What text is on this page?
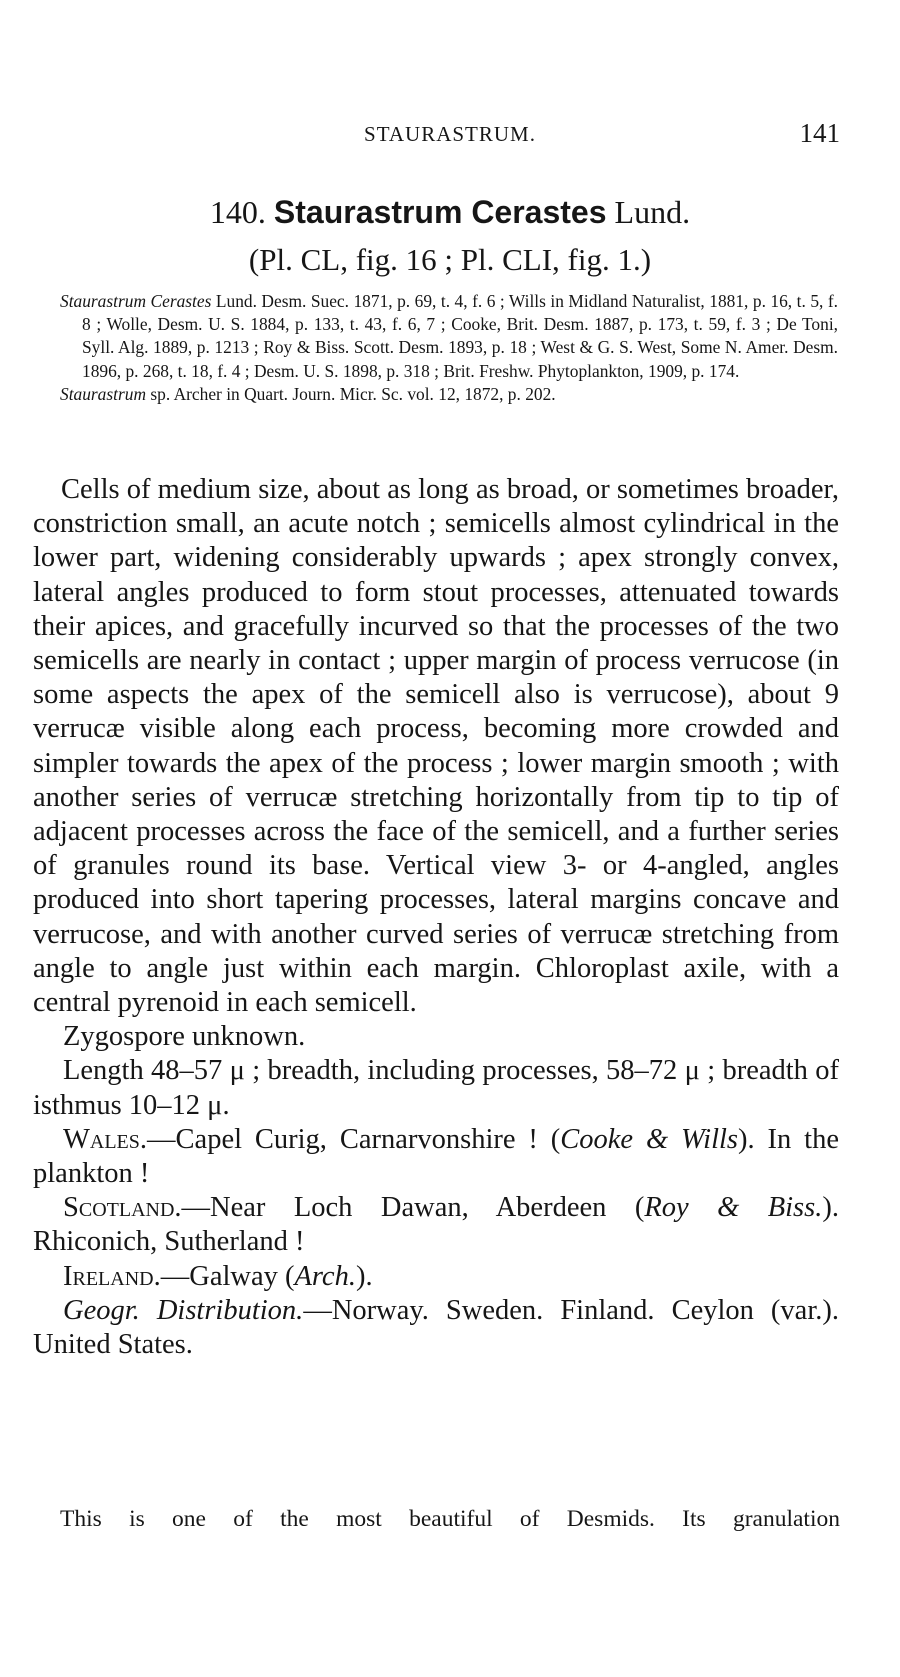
STAURASTRUM.	141
140. Staurastrum Cerastes Lund.
(Pl. CL, fig. 16 ; Pl. CLI, fig. 1.)

Staurastrum Cerastes Lund. Desm. Suec. 1871, p. 69, t. 4, f. 6 ; Wills in Midland Naturalist, 1881, p. 16, t. 5, f. 8 ; Wolle, Desm. U. S. 1884, p. 133, t. 43, f. 6, 7 ; Cooke, Brit. Desm. 1887, p. 173, t. 59, f. 3 ; De Toni, Syll. Alg. 1889, p. 1213 ; Roy & Biss. Scott. Desm. 1893, p. 18 ; West & G. S. West, Some N. Amer. Desm. 1896, p. 268, t. 18, f. 4 ; Desm. U. S. 1898, p. 318 ; Brit. Freshw. Phytoplankton, 1909, p. 174.

Staurastrum sp. Archer in Quart. Journ. Micr. Sc. vol. 12, 1872, p. 202.

Cells of medium size, about as long as broad, or sometimes broader, constriction small, an acute notch ; semicells almost cylindrical in the lower part, widening considerably upwards ; apex strongly convex, lateral angles produced to form stout processes, attenuated towards their apices, and gracefully incurved so that the processes of the two semicells are nearly in contact ; upper margin of process verrucose (in some aspects the apex of the semicell also is verrucose), about 9 verrucæ visible along each process, becoming more crowded and simpler towards the apex of the process ; lower margin smooth ; with another series of verrucæ stretching horizontally from tip to tip of adjacent processes across the face of the semicell, and a further series of granules round its base. Vertical view 3- or 4-angled, angles produced into short tapering processes, lateral margins concave and verrucose, and with another curved series of verrucæ stretching from angle to angle just within each margin. Chloroplast axile, with a central pyrenoid in each semicell.

Zygospore unknown.

Length 48–57 μ ; breadth, including processes, 58–72 μ ; breadth of isthmus 10–12 μ.

Wales.—Capel Curig, Carnarvonshire ! (Cooke & Wills). In the plankton !

Scotland.—Near Loch Dawan, Aberdeen (Roy & Biss.). Rhiconich, Sutherland !

Ireland.—Galway (Arch.).

Geogr. Distribution.—Norway. Sweden. Finland. Ceylon (var.). United States.

This is one of the most beautiful of Desmids. Its granulation
